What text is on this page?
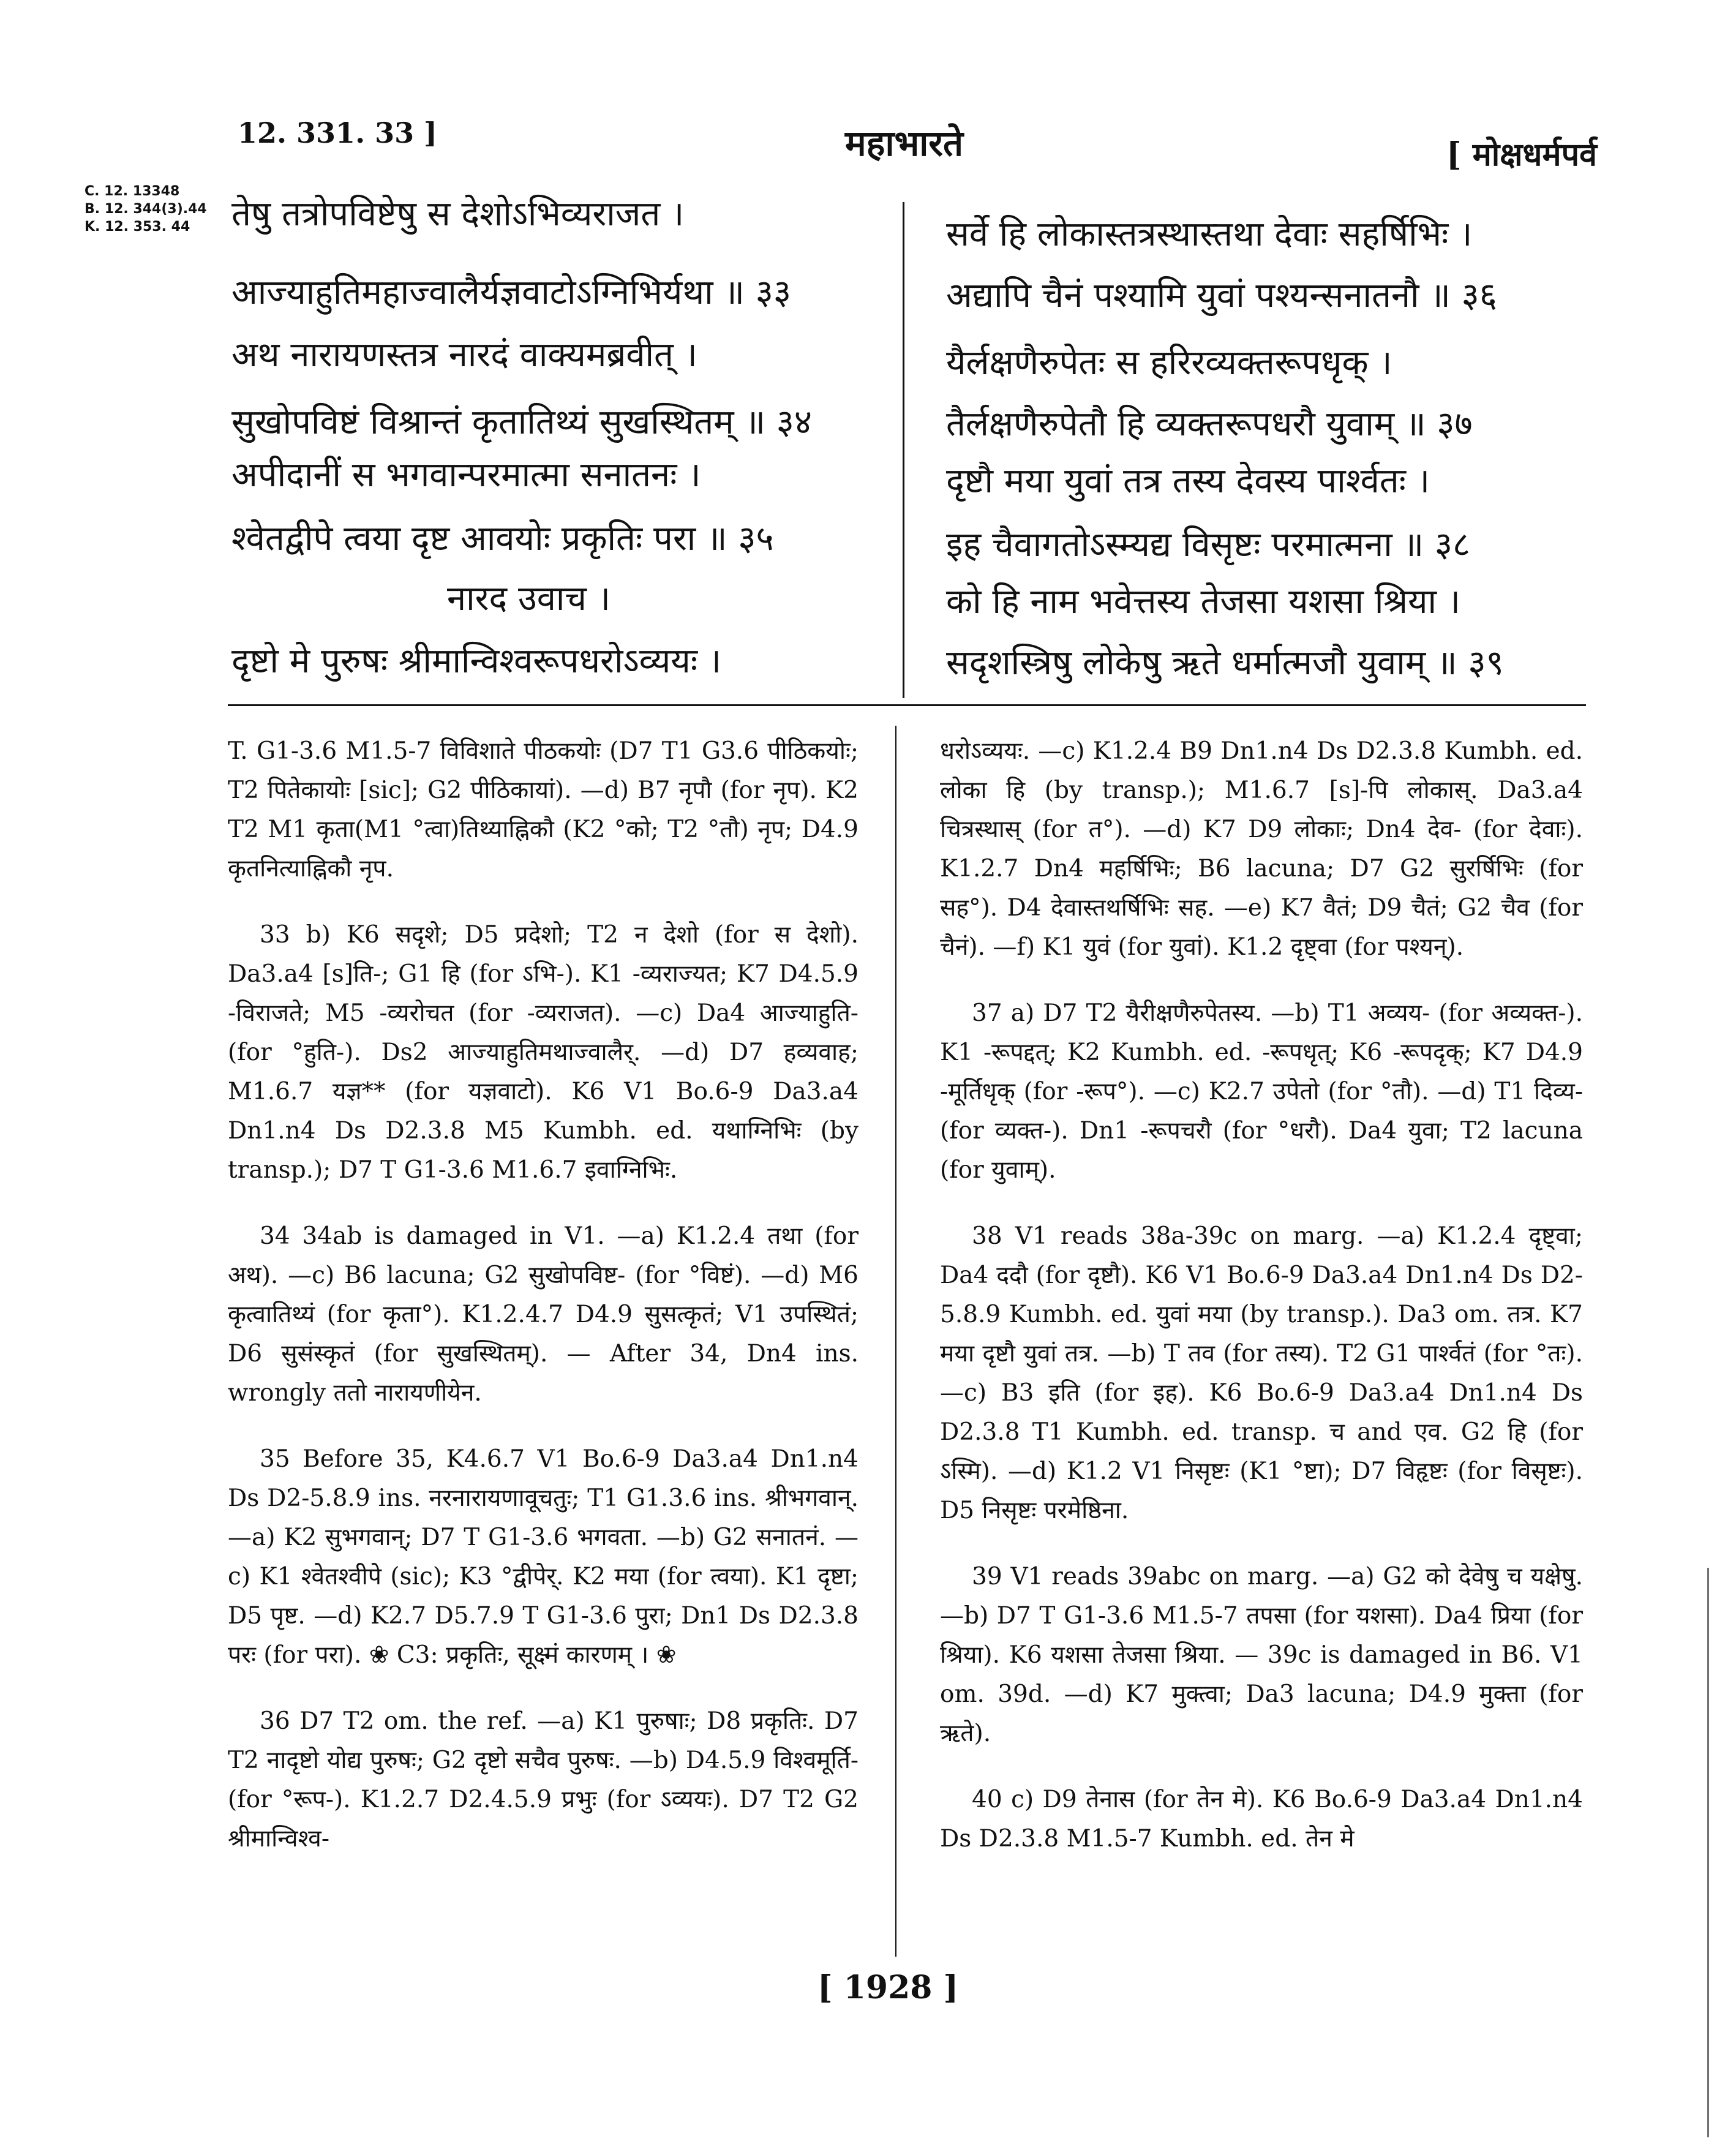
12. 331. 33 ]	महाभारते	[ मोक्षधर्मपर्व
C. 12. 13348
B. 12. 344(3).44
K. 12. 353. 44	तेषु तत्रोपविष्टेषु स देशोऽभिव्यराजत ।
आज्याहुतिमहाज्वालैर्यज्ञवाटोऽग्निभिर्यथा ॥ ३३
अथ नारायणस्तत्र नारदं वाक्यमब्रवीत् ।
सुखोपविष्टं विश्रान्तं कृतातिथ्यं सुखस्थितम् ॥ ३४
अपीदानीं स भगवान्परमात्मा सनातनः ।
श्वेतद्वीपे त्वया दृष्ट आवयोः प्रकृतिः परा ॥ ३५
नारद उवाच ।
दृष्टो मे पुरुषः श्रीमान्विश्वरूपधरोऽव्ययः ।
सर्वे हि लोकास्तत्रस्थास्तथा देवाः सहर्षिभिः ।
अद्यापि चैनं पश्यामि युवां पश्यन्सनातनौ ॥ ३६
यैर्लक्षणैरुपेतः स हरिरव्यक्तरूपधृक् ।
तैर्लक्षणैरुपेतौ हि व्यक्तरूपधरौ युवाम् ॥ ३७
दृष्टौ मया युवां तत्र तस्य देवस्य पार्श्वतः ।
इह चैवागतोऽस्म्यद्य विसृष्टः परमात्मना ॥ ३८
को हि नाम भवेत्तस्य तेजसा यशसा श्रिया ।
सदृशस्त्रिषु लोकेषु ऋते धर्मात्मजौ युवाम् ॥ ३९

T. G1-3.6 M1.5-7 विविशाते पीठकयोः (D7 T1 G3.6 पीठिकयोः; T2 पितेकायोः [sic]; G2 पीठिकायां). —d) B7 नृपौ (for नृप). K2 T2 M1 कृता(M1 °त्वा)तिथ्याह्निकौ (K2 °को; T2 °तौ) नृप; D4.9 कृतनित्याह्निकौ नृप.

33 b) K6 सदृशे; D5 प्रदेशो; T2 न देशो (for स देशो). Da3.a4 [s]ति-; G1 हि (for ऽभि-). K1 -व्यराज्यत; K7 D4.5.9 -विराजते; M5 -व्यरोचत (for -व्यराजत). —c) Da4 आज्याहुति- (for °हुति-). Ds2 आज्याहुतिमथाज्वालैर्. —d) D7 हव्यवाह; M1.6.7 यज्ञ** (for यज्ञवाटो). K6 V1 Bo.6-9 Da3.a4 Dn1.n4 Ds D2.3.8 M5 Kumbh. ed. यथाग्निभिः (by transp.); D7 T G1-3.6 M1.6.7 इवाग्निभिः.

34 34ab is damaged in V1. —a) K1.2.4 तथा (for अथ). —c) B6 lacuna; G2 सुखोपविष्ट- (for °विष्टं). —d) M6 कृत्वातिथ्यं (for कृता°). K1.2.4.7 D4.9 सुसत्कृतं; V1 उपस्थितं; D6 सुसंस्कृतं (for सुखस्थितम्). — After 34, Dn4 ins. wrongly ततो नारायणीयेन.

35 Before 35, K4.6.7 V1 Bo.6-9 Da3.a4 Dn1.n4 Ds D2-5.8.9 ins. नरनारायणावूचतुः; T1 G1.3.6 ins. श्रीभगवान्. —a) K2 सुभगवान्; D7 T G1-3.6 भगवता. —b) G2 सनातनं. —c) K1 श्वेतश्वीपे (sic); K3 °द्वीपेर्. K2 मया (for त्वया). K1 दृष्टा; D5 पृष्ट. —d) K2.7 D5.7.9 T G1-3.6 पुरा; Dn1 Ds D2.3.8 परः (for परा). ❀ C3: प्रकृतिः, सूक्ष्मं कारणम् । ❀

36 D7 T2 om. the ref. —a) K1 पुरुषाः; D8 प्रकृतिः. D7 T2 नादृष्टो योद्य पुरुषः; G2 दृष्टो सचैव पुरुषः. —b) D4.5.9 विश्वमूर्ति- (for °रूप-). K1.2.7 D2.4.5.9 प्रभुः (for ऽव्ययः). D7 T2 G2 श्रीमान्विश्व-

धरोऽव्ययः. —c) K1.2.4 B9 Dn1.n4 Ds D2.3.8 Kumbh. ed. लोका हि (by transp.); M1.6.7 [s]-पि लोकास्. Da3.a4 चित्रस्थास् (for त°). —d) K7 D9 लोकाः; Dn4 देव- (for देवाः). K1.2.7 Dn4 महर्षिभिः; B6 lacuna; D7 G2 सुरर्षिभिः (for सह°). D4 देवास्तथर्षिभिः सह. —e) K7 वैतं; D9 चैतं; G2 चैव (for चैनं). —f) K1 युवं (for युवां). K1.2 दृष्ट्वा (for पश्यन्).

37 a) D7 T2 यैरीक्षणैरुपेतस्य. —b) T1 अव्यय- (for अव्यक्त-). K1 -रूपद्दत्; K2 Kumbh. ed. -रूपधृत्; K6 -रूपदृक्; K7 D4.9 -मूर्तिधृक् (for -रूप°). —c) K2.7 उपेतो (for °तौ). —d) T1 दिव्य- (for व्यक्त-). Dn1 -रूपचरौ (for °धरौ). Da4 युवा; T2 lacuna (for युवाम्).

38 V1 reads 38a-39c on marg. —a) K1.2.4 दृष्ट्वा; Da4 ददौ (for दृष्टौ). K6 V1 Bo.6-9 Da3.a4 Dn1.n4 Ds D2-5.8.9 Kumbh. ed. युवां मया (by transp.). Da3 om. तत्र. K7 मया दृष्टौ युवां तत्र. —b) T तव (for तस्य). T2 G1 पार्श्वतं (for °तः). —c) B3 इति (for इह). K6 Bo.6-9 Da3.a4 Dn1.n4 Ds D2.3.8 T1 Kumbh. ed. transp. च and एव. G2 हि (for ऽस्मि). —d) K1.2 V1 निसृष्टः (K1 °ष्टा); D7 विहृष्टः (for विसृष्टः). D5 निसृष्टः परमेष्ठिना.

39 V1 reads 39abc on marg. —a) G2 को देवेषु च यक्षेषु. —b) D7 T G1-3.6 M1.5-7 तपसा (for यशसा). Da4 प्रिया (for श्रिया). K6 यशसा तेजसा श्रिया. — 39c is damaged in B6. V1 om. 39d. —d) K7 मुक्त्वा; Da3 lacuna; D4.9 मुक्ता (for ऋते).

40 c) D9 तेनास (for तेन मे). K6 Bo.6-9 Da3.a4 Dn1.n4 Ds D2.3.8 M1.5-7 Kumbh. ed. तेन मे

[ 1928 ]
